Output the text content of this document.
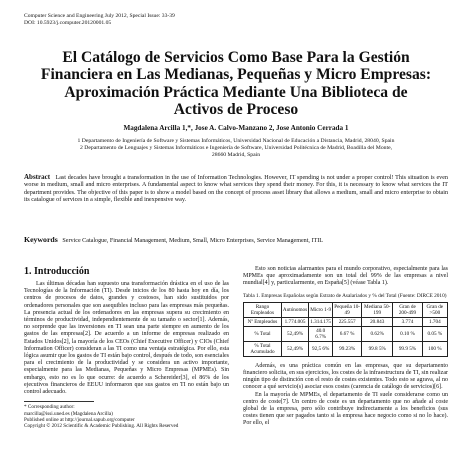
Computer Science and Engineering July 2012, Special Issue: 33-39
DOI: 10.5923/j.computer.20120001.05
El Catálogo de Servicios Como Base Para la Gestión
Financiera en Las Medianas, Pequeñas y Micro Empresas:
Aproximación Práctica Mediante Una Biblioteca de
Activos de Proceso
Magdalena Arcilla 1,*, Jose A. Calvo-Manzano 2, Jose Antonio Cerrada 1
1 Departamento de Ingeniería de Software y Sistemas Informáticos, Universidad Nacional de Educación a Distancia, Madrid, 28040, Spain
2 Departamento de Lenguajes y Sistemas Informáticos e Ingeniería de Software, Universidad Politécnica de Madrid, Boadilla del Monte,
28660 Madrid, Spain
Abstract Last decades have brought a transformation in the use of Information Technologies. However, IT spending is not under a proper control! This situation is even worse in medium, small and micro enterprises. A fundamental aspect to know what services they spend their money. For this, it is necessary to know what services the IT department provides. The objective of this paper is to show a model based on the concept of process asset library that allows a medium, small and micro enterprise to obtain its catalogue of services in a simple, flexible and inexpensive way.
Keywords Service Catalogue, Financial Management, Medium, Small, Micro Enterprises, Service Management, ITIL
1. Introducción

Las últimas décadas han supuesto una transformación drástica en el uso de las Tecnologías de la Información (TI). Desde inicios de los 80 hasta hoy en día, los centros de procesos de datos, grandes y costosos, han sido sustituidos por ordenadores personales que son asequibles incluso para las empresas más pequeñas. La presencia actual de los ordenadores en las empresas supera su crecimiento en términos de productividad, independientemente de su tamaño o sector[1]. Además, no sorprende que las inversiones en TI sean una parte siempre en aumento de los gastos de las empresas[2]. De acuerdo a un informe de empresas realizado en Estados Unidos[2], la mayoría de los CEOs (Chief Executive Officer) y CIOs (Chief Information Officer) consideran a las TI como una ventaja estratégica. Por ello, esta lógica asumir que los gastos de TI están bajo control, después de todo, son esenciales para el crecimiento de la productividad y se considera un activo importante, especialmente para las Medianas, Pequeñas y Micro Empresas (MPMEs). Sin embargo, esto no es lo que ocurre: de acuerdo a Schereider[3], el 86% de los ejecutivos financieros de EEUU informaron que sus gastos en TI no están bajo un control adecuado.

* Corresponding author:
marcilla@issi.uned.es (Magdalena Arcilla)
Published online at http://journal.sapub.org/computer
Copyright © 2012 Scientific & Academic Publishing. All Rights Reserved

Esto son noticias alarmantes para el mundo corporativo, especialmente para las MPMEs que aproximadamente son un total del 99% de las empresas a nivel mundial[4] y, particularmente, en España[5] (véase Tabla 1).

Tabla 1. Empresas Españolas según Estrato de Asalariados y % del Total (Fuente: DIRCE 2010)
Rango Empleados	Autónomos	Micro 1-9	Pequeña 10-49	Mediana 50-199	Gran de 200-499	Gran de >500
Nº Empleados	1.774.005	1.314.175	225.557	20.843	3.774	1.704
% Total	52,49%	40.0 6.7%	6.67 %	0.62%	0.10 %	0.05 %
% Total Acumulado	52,49%	92,5 6%	99.23%	99.8 5%	99.9 5%	100 %

Además, es una práctica común en las empresas, que su departamento financiero solicita, en sus ejercicios, los costes de la infraestructura de TI, sin realizar ningún tipo de distinción con el resto de costes existentes. Todo esto se agrava, al no conocer a qué servicio(s) asociar esos costes (carencia de catálogo de servicios)[6].

En la mayoría de MPMEs, el departamento de TI suele considerarse como un centro de coste[7]. Un centro de coste es un departamento que no añade al coste global de la empresa, pero sólo contribuye indirectamente a los beneficios (sus costes tienen que ser pagados tanto si la empresa hace negocio como si no lo hace). Por ello, el
